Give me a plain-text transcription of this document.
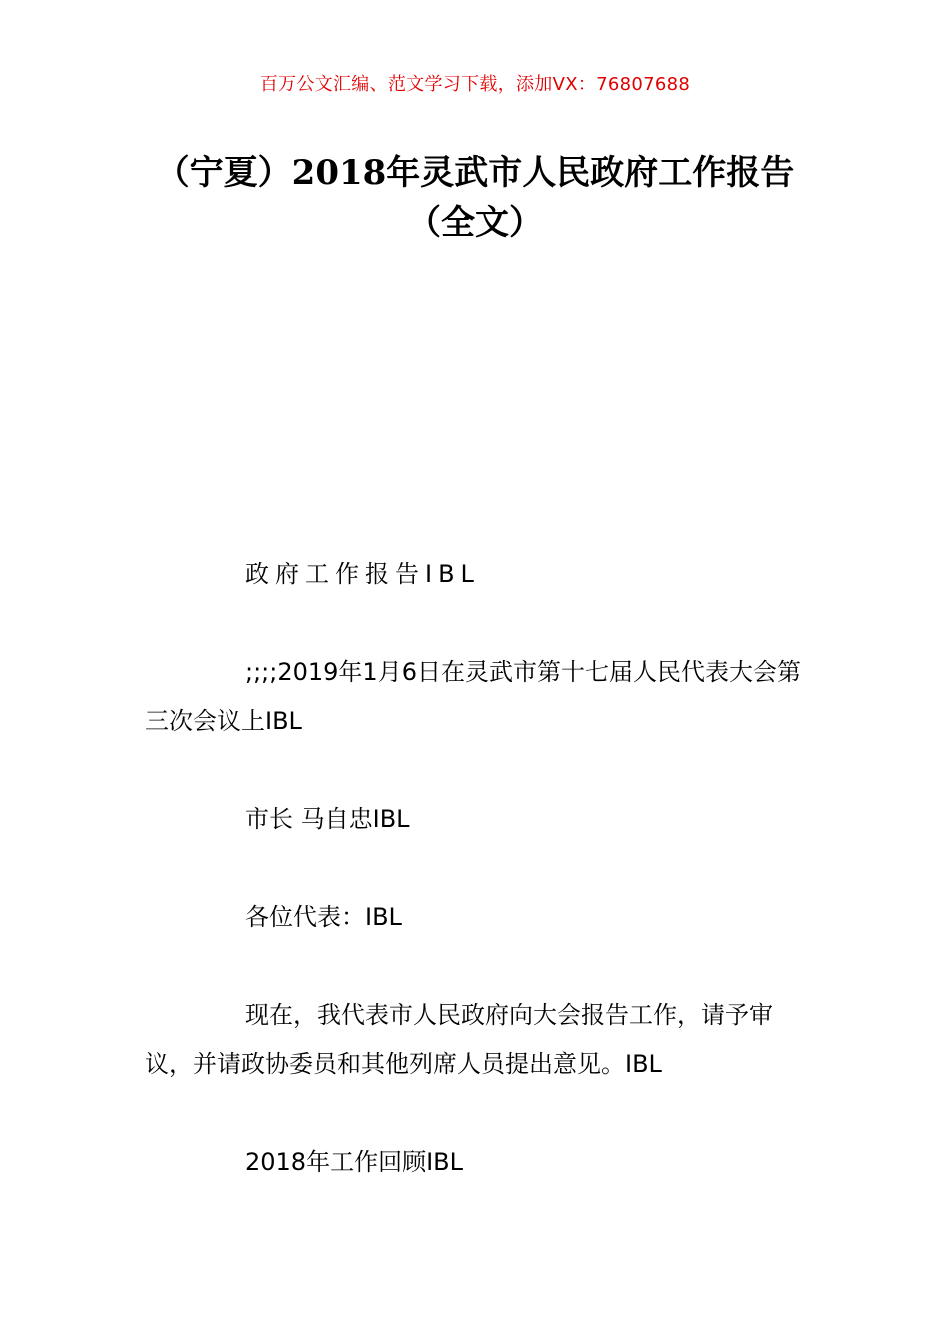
百万公文汇编、范文学习下载，添加VX：76807688
（宁夏）2018年灵武市人民政府工作报告
（全文）

政府工作报告IBL

;;;;2019年1月6日在灵武市第十七届人民代表大会第三次会议上IBL

市长 马自忠IBL

各位代表：IBL

现在，我代表市人民政府向大会报告工作，请予审议，并请政协委员和其他列席人员提出意见。IBL

2018年工作回顾IBL
